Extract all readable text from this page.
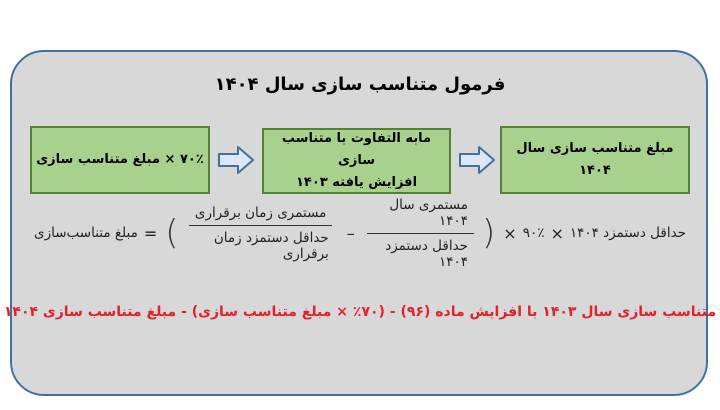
فرمول متناسب سازی سال ۱۴۰۴
۷۰٪ × مبلغ متناسب سازی
مابه التفاوت با متناسب سازی
افزایش یافته ۱۴۰۳
مبلغ متناسب سازی سال ۱۴۰۴
حداقل دستمزد ۱۴۰۴
×
۹۰٪
×
(
$\frac{\text{مستمری سال ۱۴۰۴}}{\text{حداقل دستمزد ۱۴۰۴}}$
–
$\frac{\text{مستمری زمان برقراری}}{\text{حداقل دستمزد زمان برقراری}}$
)
=
مبلغ متناسب‌سازی
متناسب سازی سال ۱۴۰۳ با افزایش ماده (۹۶) - (۷۰٪ × مبلغ متناسب سازی) - مبلغ متناسب سازی ۱۴۰۴
